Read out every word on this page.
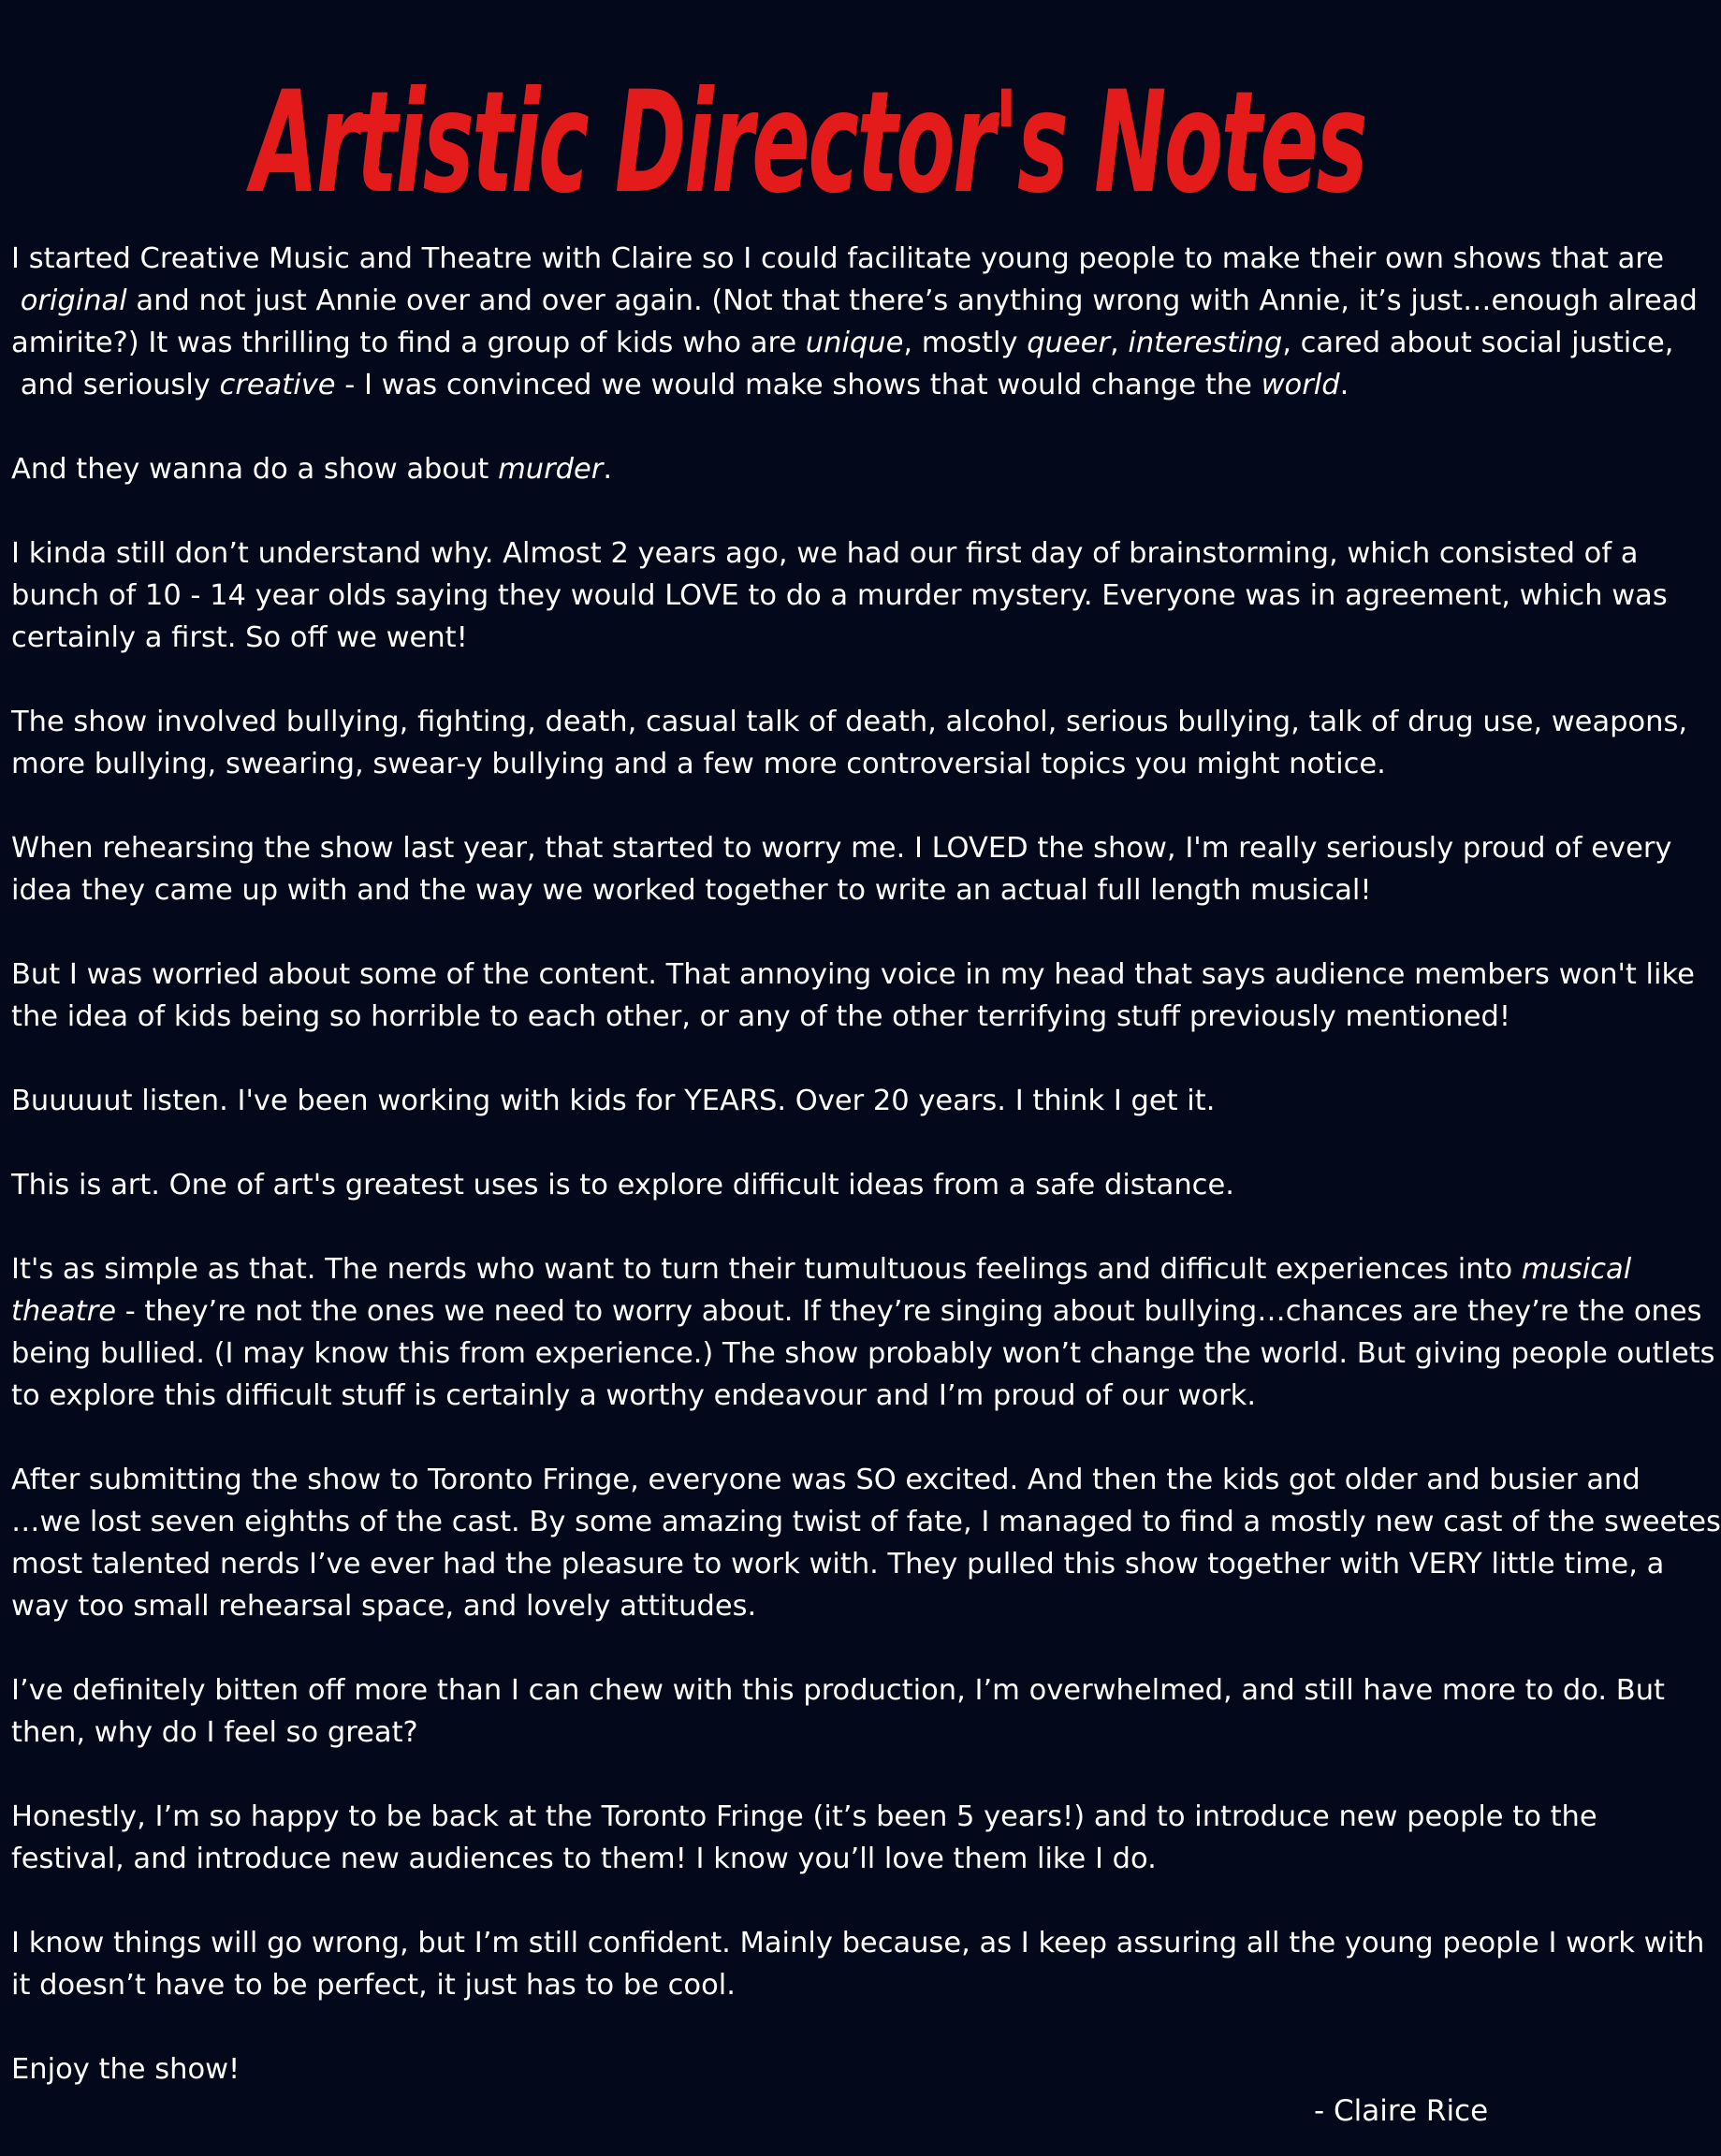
Artistic Director's Notes
I started Creative Music and Theatre with Claire so I could facilitate young people to make their own shows that are
original and not just Annie over and over again. (Not that there’s anything wrong with Annie, it’s just…enough alread
amirite?) It was thrilling to find a group of kids who are unique, mostly queer, interesting, cared about social justice,
and seriously creative - I was convinced we would make shows that would change the world.
And they wanna do a show about murder.
I kinda still don’t understand why. Almost 2 years ago, we had our first day of brainstorming, which consisted of a
bunch of 10 - 14 year olds saying they would LOVE to do a murder mystery. Everyone was in agreement, which was
certainly a first. So off we went!
The show involved bullying, fighting, death, casual talk of death, alcohol, serious bullying, talk of drug use, weapons,
more bullying, swearing, swear-y bullying and a few more controversial topics you might notice.
When rehearsing the show last year, that started to worry me. I LOVED the show, I'm really seriously proud of every
idea they came up with and the way we worked together to write an actual full length musical!
But I was worried about some of the content. That annoying voice in my head that says audience members won't like
the idea of kids being so horrible to each other, or any of the other terrifying stuff previously mentioned!
Buuuuut listen. I've been working with kids for YEARS. Over 20 years. I think I get it.
This is art. One of art's greatest uses is to explore difficult ideas from a safe distance.
It's as simple as that. The nerds who want to turn their tumultuous feelings and difficult experiences into musical
theatre - they’re not the ones we need to worry about. If they’re singing about bullying…chances are they’re the ones
being bullied. (I may know this from experience.) The show probably won’t change the world. But giving people outlets
to explore this difficult stuff is certainly a worthy endeavour and I’m proud of our work.
After submitting the show to Toronto Fringe, everyone was SO excited. And then the kids got older and busier and
…we lost seven eighths of the cast. By some amazing twist of fate, I managed to find a mostly new cast of the sweetes
most talented nerds I’ve ever had the pleasure to work with. They pulled this show together with VERY little time, a
way too small rehearsal space, and lovely attitudes.
I’ve definitely bitten off more than I can chew with this production, I’m overwhelmed, and still have more to do. But
then, why do I feel so great?
Honestly, I’m so happy to be back at the Toronto Fringe (it’s been 5 years!) and to introduce new people to the
festival, and introduce new audiences to them! I know you’ll love them like I do.
I know things will go wrong, but I’m still confident. Mainly because, as I keep assuring all the young people I work with
it doesn’t have to be perfect, it just has to be cool.
Enjoy the show!
- Claire Rice
